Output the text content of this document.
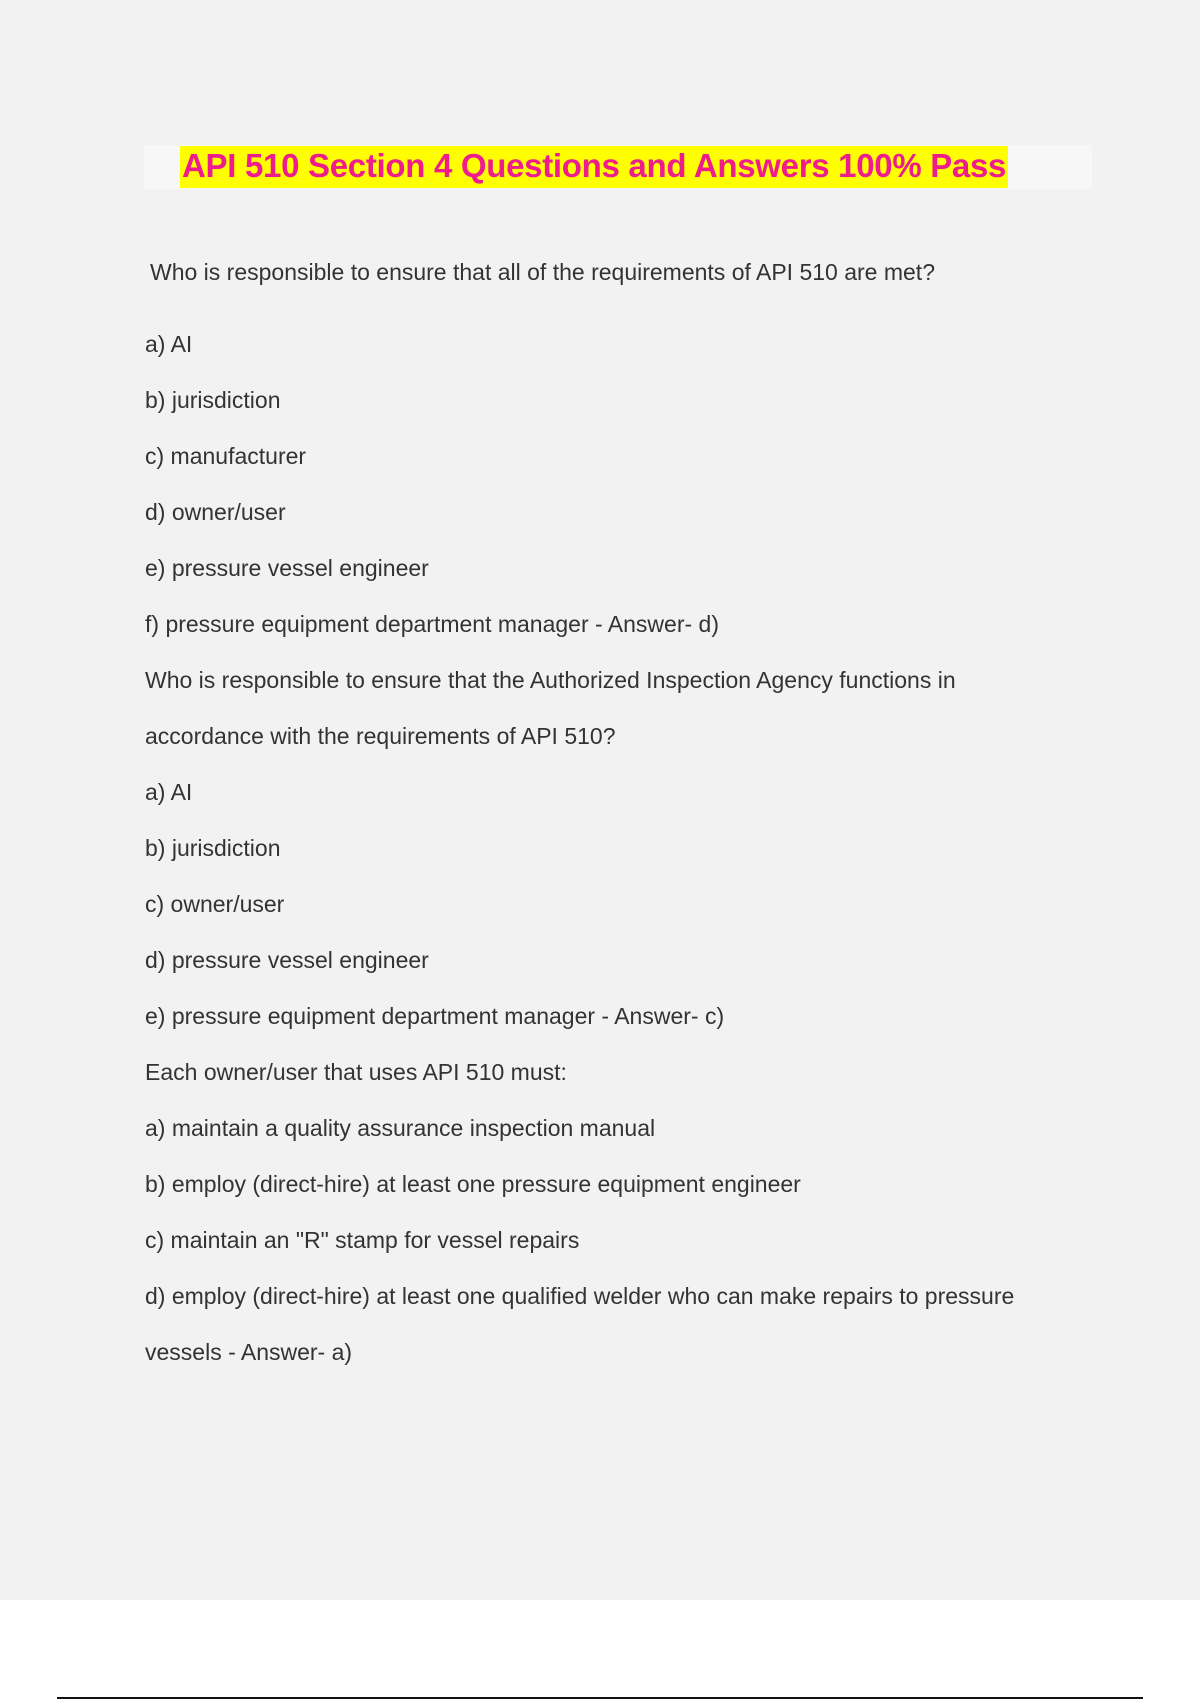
API 510 Section 4 Questions and Answers 100% Pass

Who is responsible to ensure that all of the requirements of API 510 are met?

a) AI

b) jurisdiction

c) manufacturer

d) owner/user

e) pressure vessel engineer

f) pressure equipment department manager - Answer- d)

Who is responsible to ensure that the Authorized Inspection Agency functions in

accordance with the requirements of API 510?

a) AI

b) jurisdiction

c) owner/user

d) pressure vessel engineer

e) pressure equipment department manager - Answer- c)

Each owner/user that uses API 510 must:

a) maintain a quality assurance inspection manual

b) employ (direct-hire) at least one pressure equipment engineer

c) maintain an "R" stamp for vessel repairs

d) employ (direct-hire) at least one qualified welder who can make repairs to pressure

vessels - Answer- a)
